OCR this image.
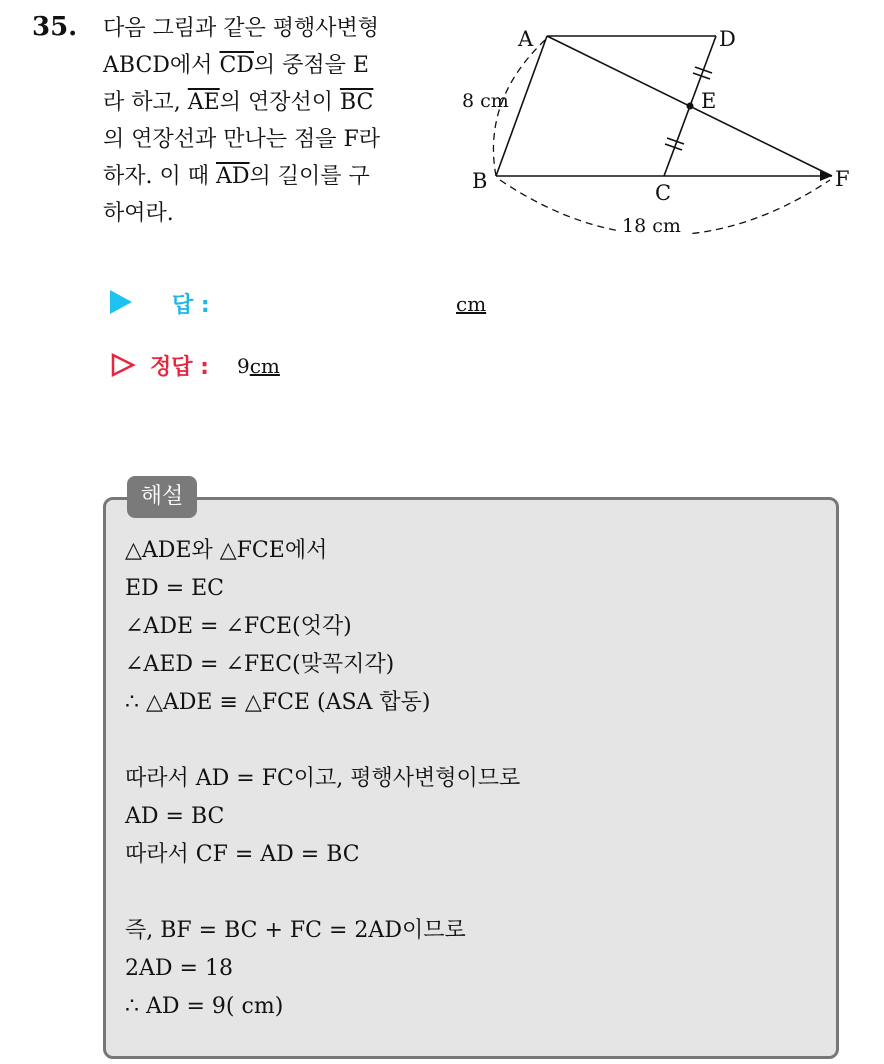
35. 다음 그림과 같은 평행사변형
ABCD에서 $\overline{CD}$의 중점을 E
라 하고, $\overline{AE}$의 연장선이 $\overline{BC}$
의 연장선과 만나는 점을 F라
하자. 이 때 $\overline{AD}$의 길이를 구
하여라.
A	D
E
B	C
F
8 cm
18 cm
답 :	cm
정답 : 9cm
해설
△ADE와 △FCE에서
ED = EC
∠ADE = ∠FCE(엇각)
∠AED = ∠FEC(맞꼭지각)
∴ △ADE ≡ △FCE (ASA 합동)
따라서 AD = FC이고, 평행사변형이므로
AD = BC
따라서 CF = AD = BC
즉, BF = BC + FC = 2AD이므로
2AD = 18
∴ AD = 9( cm)
